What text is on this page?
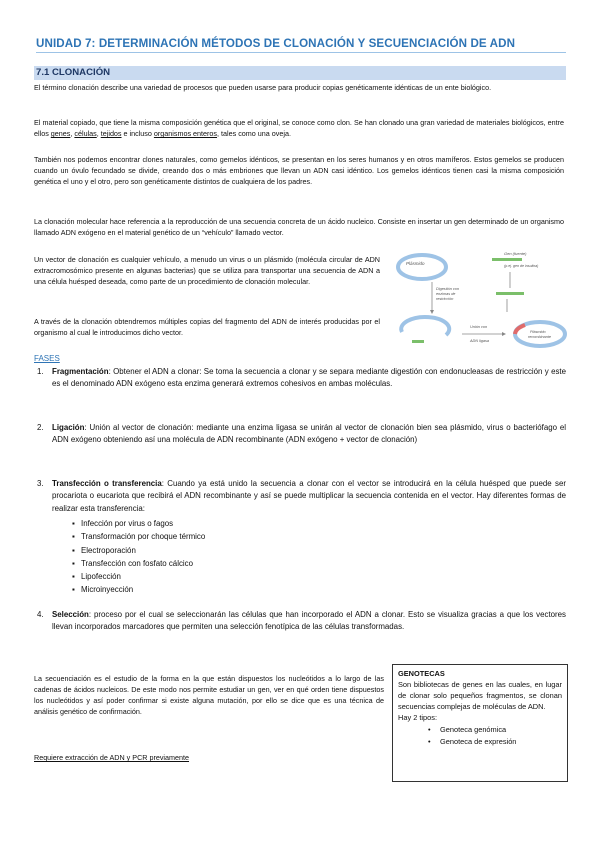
UNIDAD 7: DETERMINACIÓN MÉTODOS DE CLONACIÓN Y SECUENCIACIÓN DE ADN
7.1 CLONACIÓN

El término clonación describe una variedad de procesos que pueden usarse para producir copias genéticamente idénticas de un ente biológico.

El material copiado, que tiene la misma composición genética que el original, se conoce como clon. Se han clonado una gran variedad de materiales biológicos, entre ellos genes, células, tejidos e incluso organismos enteros, tales como una oveja.

También nos podemos encontrar clones naturales, como gemelos idénticos, se presentan en los seres humanos y en otros mamíferos. Estos gemelos se producen cuando un óvulo fecundado se divide, creando dos o más embriones que llevan un ADN casi idéntico. Los gemelos idénticos tienen casi la misma composición genética el uno y el otro, pero son genéticamente distintos de cualquiera de los padres.

La clonación molecular hace referencia a la reproducción de una secuencia concreta de un ácido nucleico. Consiste en insertar un gen determinado de un organismo llamado ADN exógeno en el material genético de un “vehículo” llamado vector.

Un vector de clonación es cualquier vehículo, a menudo un virus o un plásmido (molécula circular de ADN extracromosómico presente en algunas bacterias) que se utiliza para transportar una secuencia de ADN a una célula huésped deseada, como parte de un procedimiento de clonación molecular.

A través de la clonación obtendremos múltiples copias del fragmento del ADN de interés producidas por el organismo al cual le introducimos dicho vector.

Plásmido
Gen (fuente)
(p.ej. gen de insulina)
Digestión con
enzimas de
restricción
Unión con
ADN ligasa
Plásmido
recombinante
FASES
1. Fragmentación: Obtener el ADN a clonar: Se toma la secuencia a clonar y se separa mediante digestión con endonucleasas de restricción y este es el denominado ADN exógeno esta enzima generará extremos cohesivos en ambas moléculas.
2. Ligación: Unión al vector de clonación: mediante una enzima ligasa se unirán al vector de clonación bien sea plásmido, virus o bacteriófago el ADN exógeno obteniendo así una molécula de ADN recombinante (ADN exógeno + vector de clonación)
3. Transfección o transferencia: Cuando ya está unido la secuencia a clonar con el vector se introducirá en la célula huésped que puede ser procariota o eucariota que recibirá el ADN recombinante y así se puede multiplicar la secuencia contenida en el vector. Hay diferentes formas de realizar esta transferencia:
▪ Infección por virus o fagos
▪ Transformación por choque térmico
▪ Electroporación
▪ Transfección con fosfato cálcico
▪ Lipofección
▪ Microinyección
4. Selección: proceso por el cual se seleccionarán las células que han incorporado el ADN a clonar. Esto se visualiza gracias a que los vectores llevan incorporados marcadores que permiten una selección fenotípica de las células transformadas.

La secuenciación es el estudio de la forma en la que están dispuestos los nucleótidos a lo largo de las cadenas de ácidos nucleicos. De este modo nos permite estudiar un gen, ver en qué orden tiene dispuestos los nucleótidos y así poder confirmar si existe alguna mutación, por ello se dice que es una técnica de análisis genético de confirmación.

Requiere extracción de ADN y PCR previamente
GENOTECAS
Son bibliotecas de genes en las cuales, en lugar de clonar solo pequeños fragmentos, se clonan secuencias complejas de moléculas de ADN.
Hay 2 tipos:
• Genoteca genómica
• Genoteca de expresión
